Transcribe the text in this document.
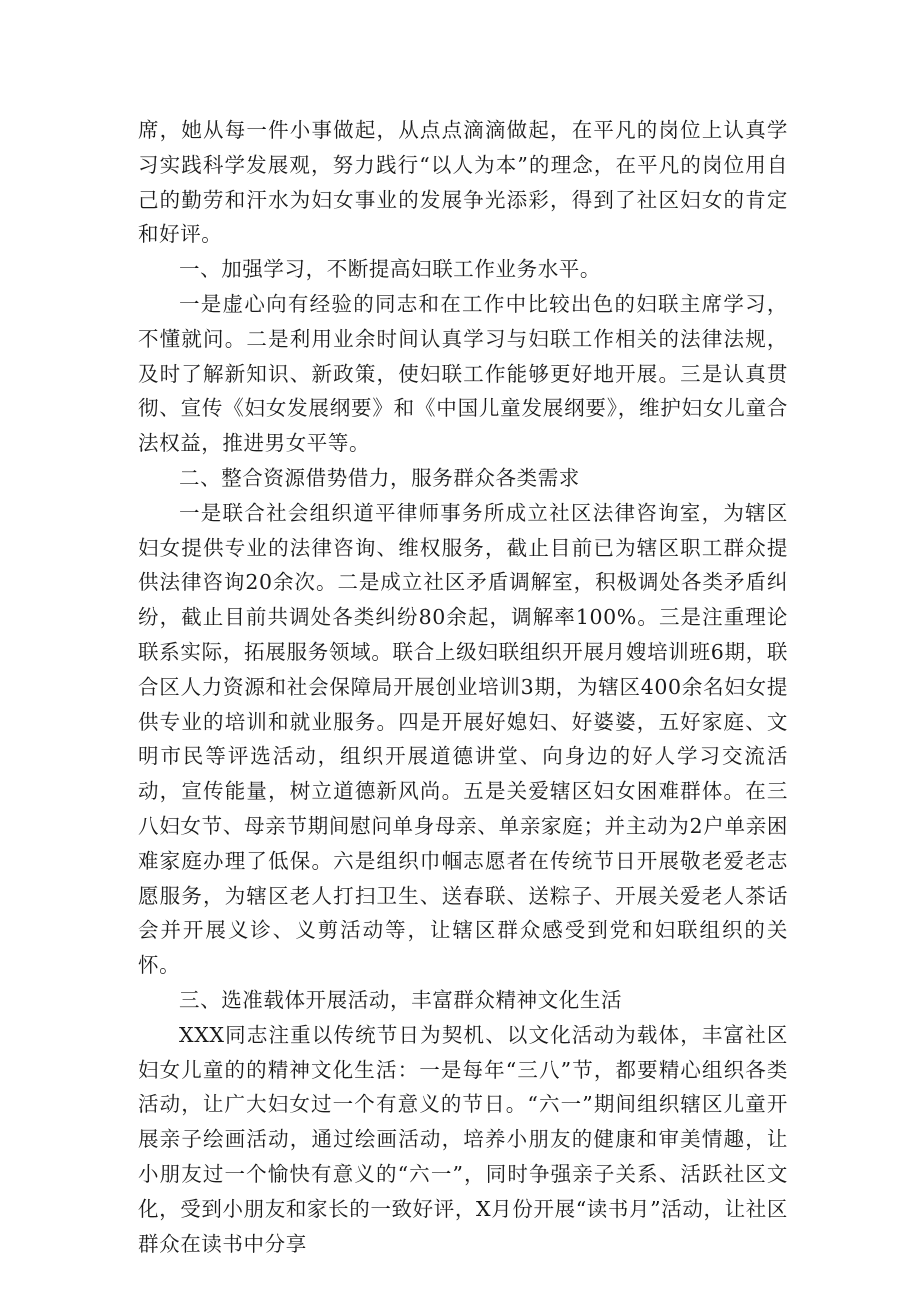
席，她从每一件小事做起，从点点滴滴做起，在平凡的岗位上认真学习实践科学发展观，努力践行“以人为本”的理念，在平凡的岗位用自己的勤劳和汗水为妇女事业的发展争光添彩，得到了社区妇女的肯定和好评。

一、加强学习，不断提高妇联工作业务水平。

一是虚心向有经验的同志和在工作中比较出色的妇联主席学习，不懂就问。二是利用业余时间认真学习与妇联工作相关的法律法规，及时了解新知识、新政策，使妇联工作能够更好地开展。三是认真贯彻、宣传《妇女发展纲要》和《中国儿童发展纲要》，维护妇女儿童合法权益，推进男女平等。

二、整合资源借势借力，服务群众各类需求

一是联合社会组织道平律师事务所成立社区法律咨询室，为辖区妇女提供专业的法律咨询、维权服务，截止目前已为辖区职工群众提供法律咨询20余次。二是成立社区矛盾调解室，积极调处各类矛盾纠纷，截止目前共调处各类纠纷80余起，调解率100%。三是注重理论联系实际，拓展服务领域。联合上级妇联组织开展月嫂培训班6期，联合区人力资源和社会保障局开展创业培训3期，为辖区400余名妇女提供专业的培训和就业服务。四是开展好媳妇、好婆婆，五好家庭、文明市民等评选活动，组织开展道德讲堂、向身边的好人学习交流活动，宣传能量，树立道德新风尚。五是关爱辖区妇女困难群体。在三八妇女节、母亲节期间慰问单身母亲、单亲家庭；并主动为2户单亲困难家庭办理了低保。六是组织巾帼志愿者在传统节日开展敬老爱老志愿服务，为辖区老人打扫卫生、送春联、送粽子、开展关爱老人茶话会并开展义诊、义剪活动等，让辖区群众感受到党和妇联组织的关怀。

三、选准载体开展活动，丰富群众精神文化生活

XXX同志注重以传统节日为契机、以文化活动为载体，丰富社区妇女儿童的的精神文化生活：一是每年“三八”节，都要精心组织各类活动，让广大妇女过一个有意义的节日。“六一”期间组织辖区儿童开展亲子绘画活动，通过绘画活动，培养小朋友的健康和审美情趣，让小朋友过一个愉快有意义的“六一”，同时争强亲子关系、活跃社区文化，受到小朋友和家长的一致好评，X月份开展“读书月”活动，让社区群众在读书中分享
